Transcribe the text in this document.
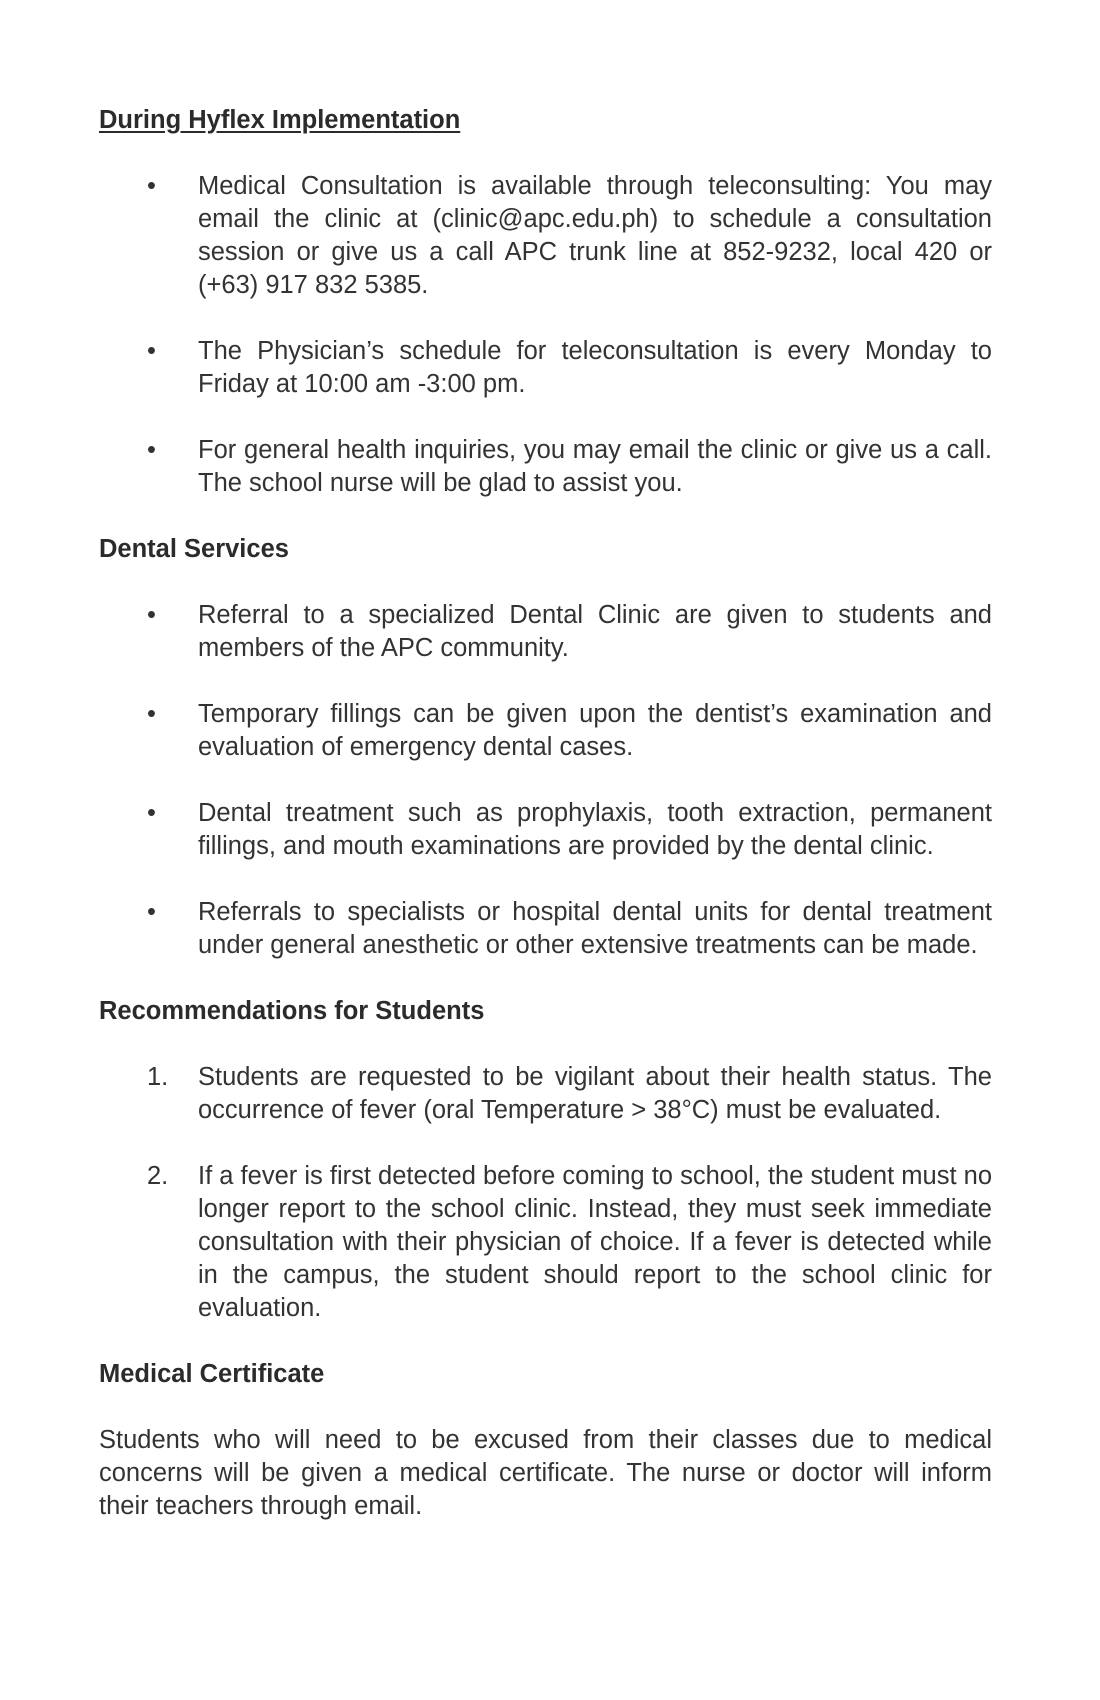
During Hyflex Implementation
•	Medical Consultation is available through teleconsulting: You may email the clinic at (clinic@apc.edu.ph) to schedule a consultation session or give us a call APC trunk line at 852-9232, local 420 or (+63) 917 832 5385.
•	The Physician’s schedule for teleconsultation is every Monday to Friday at 10:00 am -3:00 pm.
•	For general health inquiries, you may email the clinic or give us a call. The school nurse will be glad to assist you.
Dental Services
•	Referral to a specialized Dental Clinic are given to students and members of the APC community.
•	Temporary fillings can be given upon the dentist’s examination and evaluation of emergency dental cases.
•	Dental treatment such as prophylaxis, tooth extraction, permanent fillings, and mouth examinations are provided by the dental clinic.
•	Referrals to specialists or hospital dental units for dental treatment under general anesthetic or other extensive treatments can be made.
Recommendations for Students
1.	Students are requested to be vigilant about their health status. The occurrence of fever (oral Temperature > 38°C) must be evaluated.
2.	If a fever is first detected before coming to school, the student must no longer report to the school clinic. Instead, they must seek immediate consultation with their physician of choice. If a fever is detected while in the campus, the student should report to the school clinic for evaluation.
Medical Certificate

Students who will need to be excused from their classes due to medical concerns will be given a medical certificate. The nurse or doctor will inform their teachers through email.
